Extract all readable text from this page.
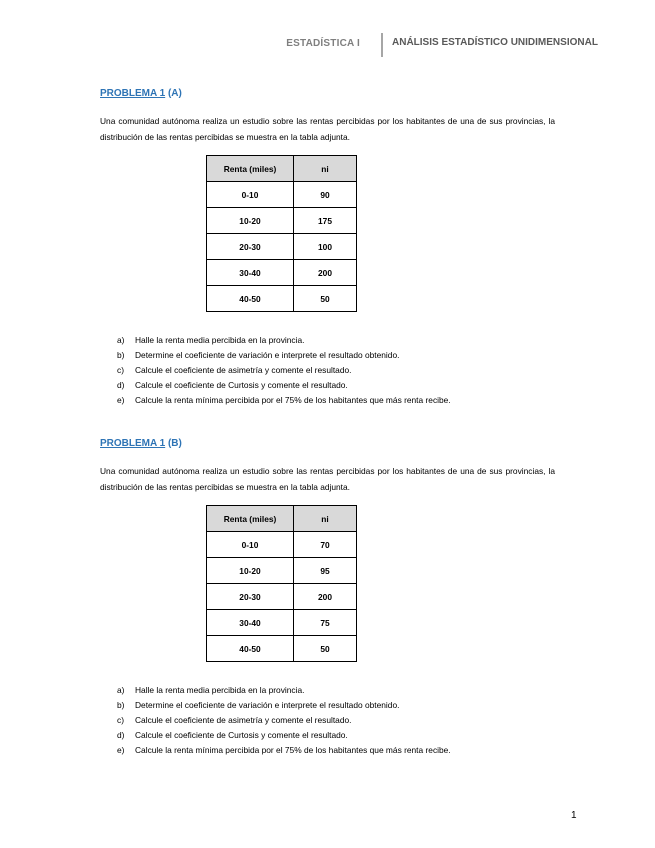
ESTADÍSTICA I	ANÁLISIS ESTADÍSTICO UNIDIMENSIONAL

PROBLEMA 1 (A)

Una comunidad autónoma realiza un estudio sobre las rentas percibidas por los habitantes de una de sus provincias, la distribución de las rentas percibidas se muestra en la tabla adjunta.

Renta (miles)	ni
0-10	90
10-20	175
20-30	100
30-40	200
40-50	50
a) Halle la renta media percibida en la provincia.
b) Determine el coeficiente de variación e interprete el resultado obtenido.
c) Calcule el coeficiente de asimetría y comente el resultado.
d) Calcule el coeficiente de Curtosis y comente el resultado.
e) Calcule la renta mínima percibida por el 75% de los habitantes que más renta recibe.

PROBLEMA 1 (B)

Una comunidad autónoma realiza un estudio sobre las rentas percibidas por los habitantes de una de sus provincias, la distribución de las rentas percibidas se muestra en la tabla adjunta.

Renta (miles)	ni
0-10	70
10-20	95
20-30	200
30-40	75
40-50	50
a) Halle la renta media percibida en la provincia.
b) Determine el coeficiente de variación e interprete el resultado obtenido.
c) Calcule el coeficiente de asimetría y comente el resultado.
d) Calcule el coeficiente de Curtosis y comente el resultado.
e) Calcule la renta mínima percibida por el 75% de los habitantes que más renta recibe.
1
